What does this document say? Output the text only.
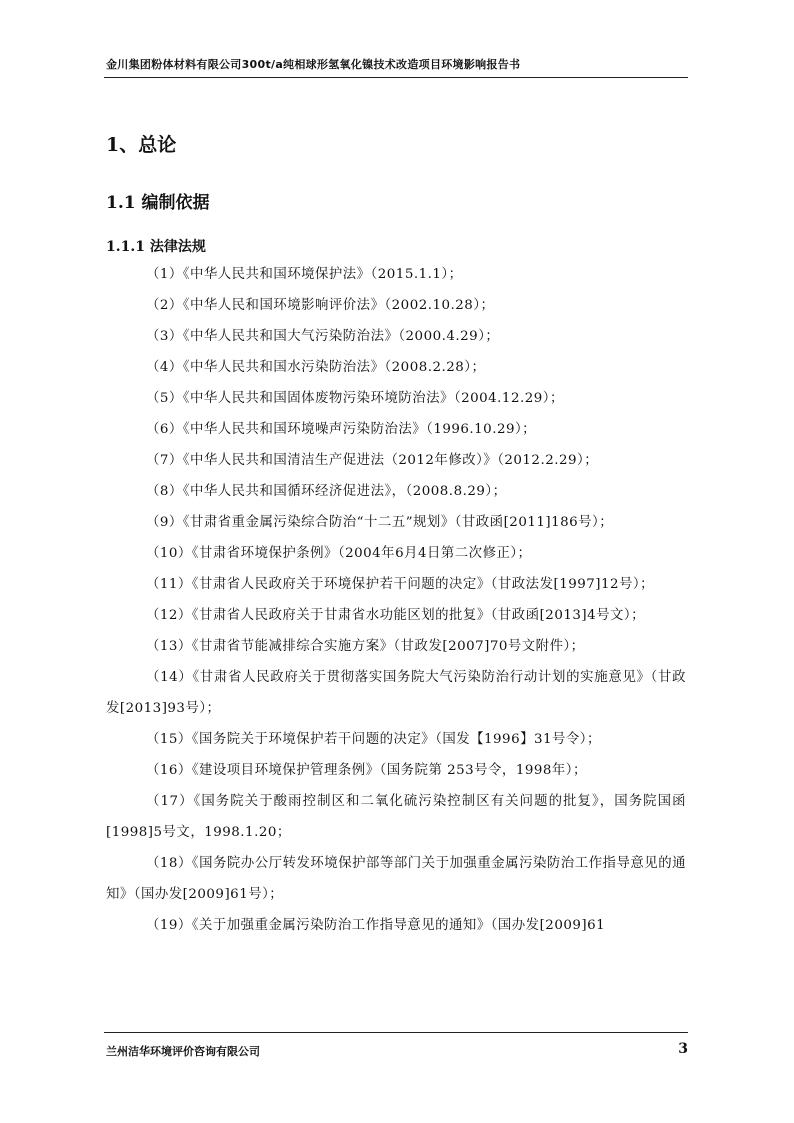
金川集团粉体材料有限公司300t/a纯相球形氢氧化镍技术改造项目环境影响报告书
1、总论
1.1 编制依据
1.1.1 法律法规
（1）《中华人民共和国环境保护法》（2015.1.1）；
（2）《中华人民和国环境影响评价法》（2002.10.28）；
（3）《中华人民共和国大气污染防治法》（2000.4.29）；
（4）《中华人民共和国水污染防治法》（2008.2.28）；
（5）《中华人民共和国固体废物污染环境防治法》（2004.12.29）；
（6）《中华人民共和国环境噪声污染防治法》（1996.10.29）；
（7）《中华人民共和国清洁生产促进法（2012年修改）》（2012.2.29）；
（8）《中华人民共和国循环经济促进法》，（2008.8.29）；
（9）《甘肃省重金属污染综合防治“十二五”规划》（甘政函[2011]186号）；
（10）《甘肃省环境保护条例》（2004年6月4日第二次修正）；
（11）《甘肃省人民政府关于环境保护若干问题的决定》（甘政法发[1997]12号）；
（12）《甘肃省人民政府关于甘肃省水功能区划的批复》（甘政函[2013]4号文）；
（13）《甘肃省节能减排综合实施方案》（甘政发[2007]70号文附件）；
（14）《甘肃省人民政府关于贯彻落实国务院大气污染防治行动计划的实施意见》（甘政发[2013]93号）；
（15）《国务院关于环境保护若干问题的决定》（国发【1996】31号令）；
（16）《建设项目环境保护管理条例》（国务院第 253号令，1998年）；
（17）《国务院关于酸雨控制区和二氧化硫污染控制区有关问题的批复》，国务院国函[1998]5号文，1998.1.20；
（18）《国务院办公厅转发环境保护部等部门关于加强重金属污染防治工作指导意见的通知》（国办发[2009]61号）；
（19）《关于加强重金属污染防治工作指导意见的通知》（国办发[2009]61
兰州洁华环境评价咨询有限公司	3
